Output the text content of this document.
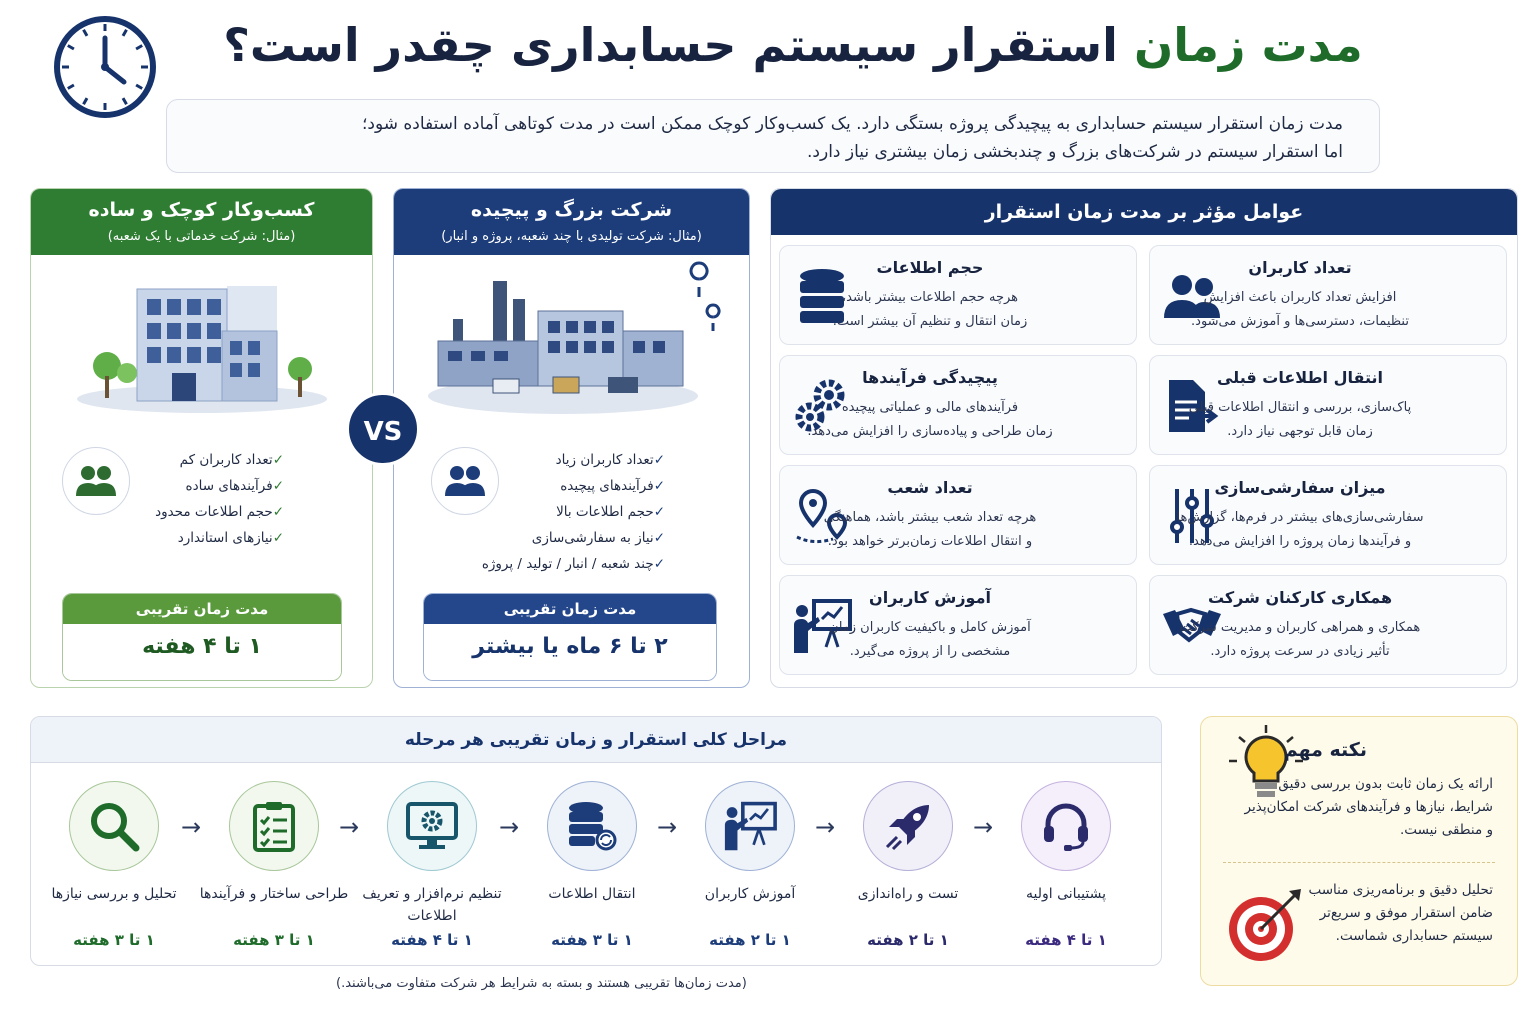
مدت زمان استقرار سیستم حسابداری چقدر است؟
مدت زمان استقرار سیستم حسابداری به پیچیدگی پروژه بستگی دارد. یک کسب‌وکار کوچک ممکن است در مدت کوتاهی آماده استفاده شود؛
اما استقرار سیستم در شرکت‌های بزرگ و چندبخشی زمان بیشتری نیاز دارد.
کسب‌وکار کوچک و ساده
(مثال: شرکت خدماتی با یک شعبه)
✓تعداد کاربران کم
✓فرآیندهای ساده
✓حجم اطلاعات محدود
✓نیازهای استاندارد
مدت زمان تقریبی
۱ تا ۴ هفته
شرکت بزرگ و پیچیده
(مثال: شرکت تولیدی با چند شعبه، پروژه و انبار)
✓تعداد کاربران زیاد
✓فرآیندهای پیچیده
✓حجم اطلاعات بالا
✓نیاز به سفارشی‌سازی
✓چند شعبه / انبار / تولید / پروژه
مدت زمان تقریبی
۲ تا ۶ ماه یا بیشتر
VS
عوامل مؤثر بر مدت زمان استقرار
تعداد کاربران
افزایش تعداد کاربران باعث افزایش
تنظیمات، دسترسی‌ها و آموزش می‌شود.
حجم اطلاعات
هرچه حجم اطلاعات بیشتر باشد،
زمان انتقال و تنظیم آن بیشتر است.
انتقال اطلاعات قبلی
پاک‌سازی، بررسی و انتقال اطلاعات قبلی
زمان قابل توجهی نیاز دارد.
پیچیدگی فرآیندها
فرآیندهای مالی و عملیاتی پیچیده
زمان طراحی و پیاده‌سازی را افزایش می‌دهد.
میزان سفارشی‌سازی
سفارشی‌سازی‌های بیشتر در فرم‌ها، گزارش‌ها
و فرآیندها زمان پروژه را افزایش می‌دهد.
تعداد شعب
هرچه تعداد شعب بیشتر باشد، هماهنگی
و انتقال اطلاعات زمان‌برتر خواهد بود.
همکاری کارکنان شرکت
همکاری و همراهی کاربران و مدیریت شرکت
تأثیر زیادی در سرعت پروژه دارد.
آموزش کاربران
آموزش کامل و باکیفیت کاربران زمان
مشخصی را از پروژه می‌گیرد.
مراحل کلی استقرار و زمان تقریبی هر مرحله
تحلیل و بررسی نیازها
۱ تا ۳ هفته
→
طراحی ساختار و فرآیندها
۱ تا ۳ هفته
→
تنظیم نرم‌افزار و تعریف اطلاعات
۱ تا ۴ هفته
→
انتقال اطلاعات
۱ تا ۳ هفته
→
آموزش کاربران
۱ تا ۲ هفته
→
تست و راه‌اندازی
۱ تا ۲ هفته
→
پشتیبانی اولیه
۱ تا ۴ هفته
(مدت زمان‌ها تقریبی هستند و بسته به شرایط هر شرکت متفاوت می‌باشند.)
نکته مهم
ارائه یک زمان ثابت بدون بررسی دقیق شرایط، نیازها و فرآیندهای شرکت امکان‌پذیر و منطقی نیست.
تحلیل دقیق و برنامه‌ریزی مناسب ضامن استقرار موفق و سریع‌تر سیستم حسابداری شماست.
